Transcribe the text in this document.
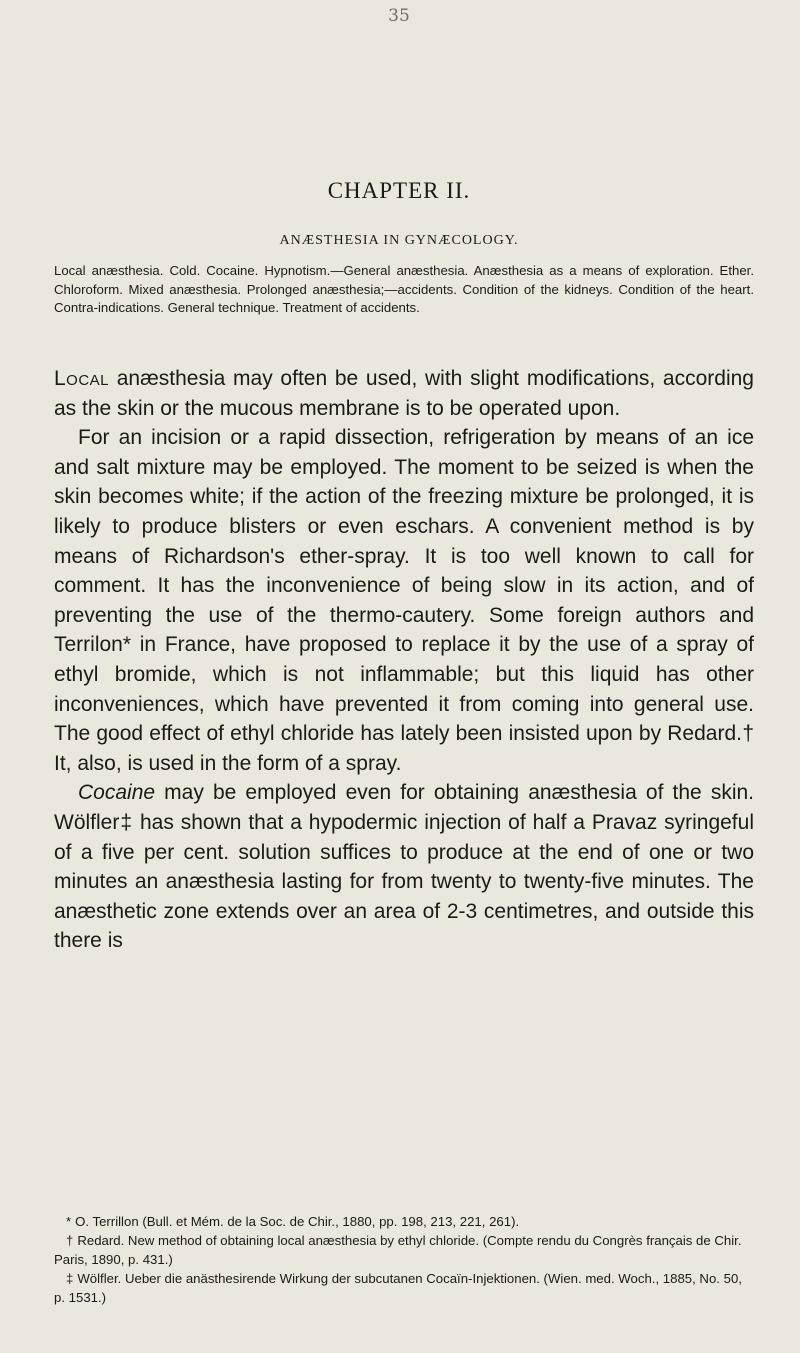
35
CHAPTER II.
ANÆSTHESIA IN GYNÆCOLOGY.
Local anæsthesia. Cold. Cocaine. Hypnotism.—General anæsthesia. Anæsthesia as a means of exploration. Ether. Chloroform. Mixed anæsthesia. Prolonged anæsthesia;—accidents. Condition of the kidneys. Condition of the heart. Contra-indications. General technique. Treatment of accidents.

Local anæsthesia may often be used, with slight modifications, according as the skin or the mucous membrane is to be operated upon.

For an incision or a rapid dissection, refrigeration by means of an ice and salt mixture may be employed. The moment to be seized is when the skin becomes white; if the action of the freezing mixture be prolonged, it is likely to produce blisters or even eschars. A convenient method is by means of Richardson's ether-spray. It is too well known to call for comment. It has the inconvenience of being slow in its action, and of preventing the use of the thermo-cautery. Some foreign authors and Terrilon* in France, have proposed to replace it by the use of a spray of ethyl bromide, which is not inflammable; but this liquid has other inconveniences, which have prevented it from coming into general use. The good effect of ethyl chloride has lately been insisted upon by Redard.† It, also, is used in the form of a spray.

Cocaine may be employed even for obtaining anæsthesia of the skin. Wölfler‡ has shown that a hypodermic injection of half a Pravaz syringeful of a five per cent. solution suffices to produce at the end of one or two minutes an anæsthesia lasting for from twenty to twenty-five minutes. The anæsthetic zone extends over an area of 2-3 centimetres, and outside this there is

* O. Terrillon (Bull. et Mém. de la Soc. de Chir., 1880, pp. 198, 213, 221, 261).

† Redard. New method of obtaining local anæsthesia by ethyl chloride. (Compte rendu du Congrès français de Chir. Paris, 1890, p. 431.)

‡ Wölfler. Ueber die anästhesirende Wirkung der subcutanen Cocaïn-Injektionen. (Wien. med. Woch., 1885, No. 50, p. 1531.)
